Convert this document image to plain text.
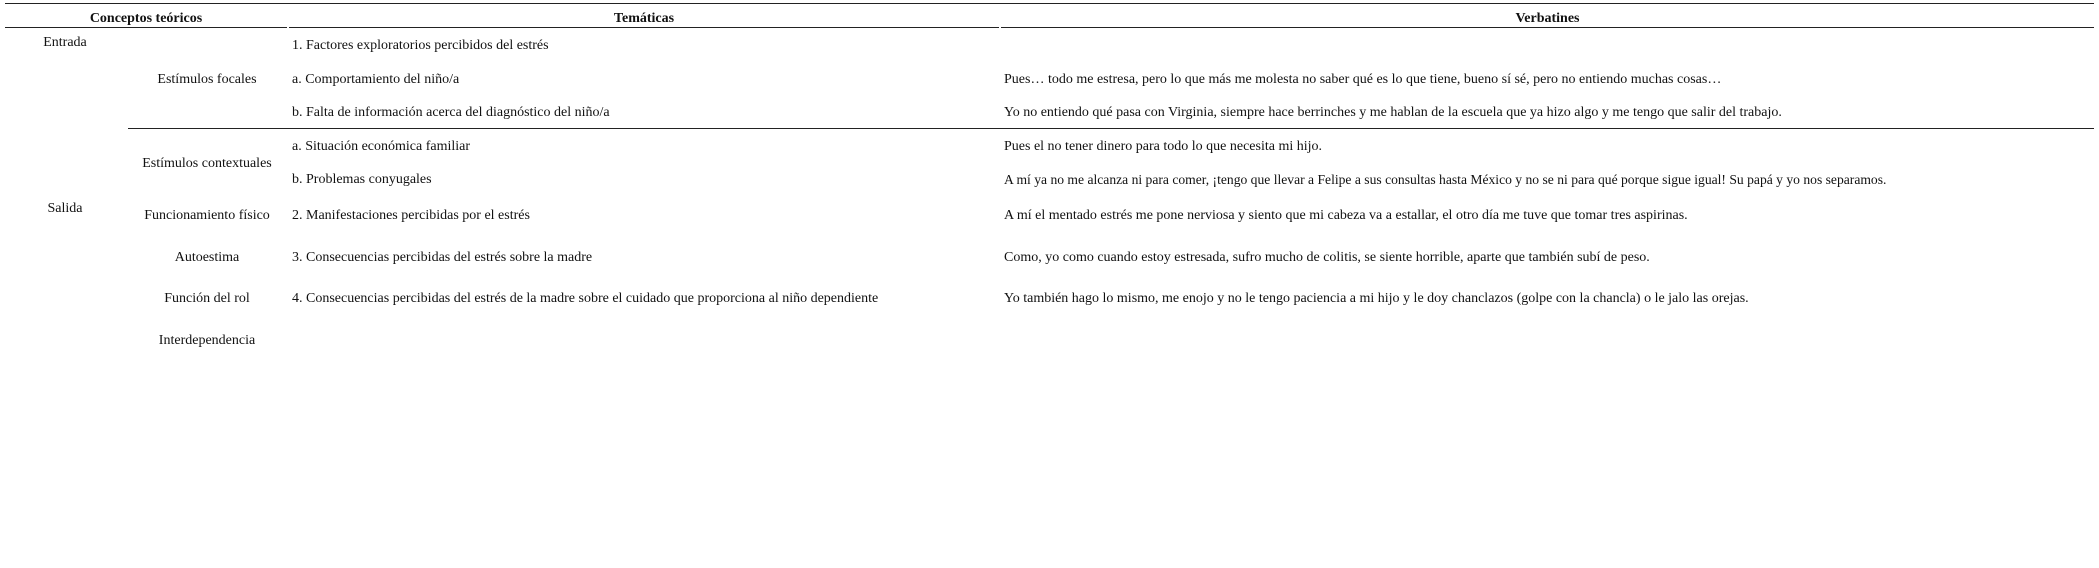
Conceptos teóricos	Temáticas	Verbatines
Entrada
Salida
Estímulos focales
Estímulos contextuales
Funcionamiento físico
Autoestima
Función del rol
Interdependencia
1. Factores exploratorios percibidos del estrés
a. Comportamiento del niño/a
b. Falta de información acerca del diagnóstico del niño/a
a. Situación económica familiar
b. Problemas conyugales
2. Manifestaciones percibidas por el estrés
3. Consecuencias percibidas del estrés sobre la madre
4. Consecuencias percibidas del estrés de la madre sobre el cuidado que proporciona al niño dependiente
Pues… todo me estresa, pero lo que más me molesta no saber qué es lo que tiene, bueno sí sé, pero no entiendo muchas cosas…
Yo no entiendo qué pasa con Virginia, siempre hace berrinches y me hablan de la escuela que ya hizo algo y me tengo que salir del trabajo.
Pues el no tener dinero para todo lo que necesita mi hijo.
A mí ya no me alcanza ni para comer, ¡tengo que llevar a Felipe a sus consultas hasta México y no se ni para qué porque sigue igual! Su papá y yo nos separamos.
A mí el mentado estrés me pone nerviosa y siento que mi cabeza va a estallar, el otro día me tuve que tomar tres aspirinas.
Como, yo como cuando estoy estresada, sufro mucho de colitis, se siente horrible, aparte que también subí de peso.
Yo también hago lo mismo, me enojo y no le tengo paciencia a mi hijo y le doy chanclazos (golpe con la chancla) o le jalo las orejas.
